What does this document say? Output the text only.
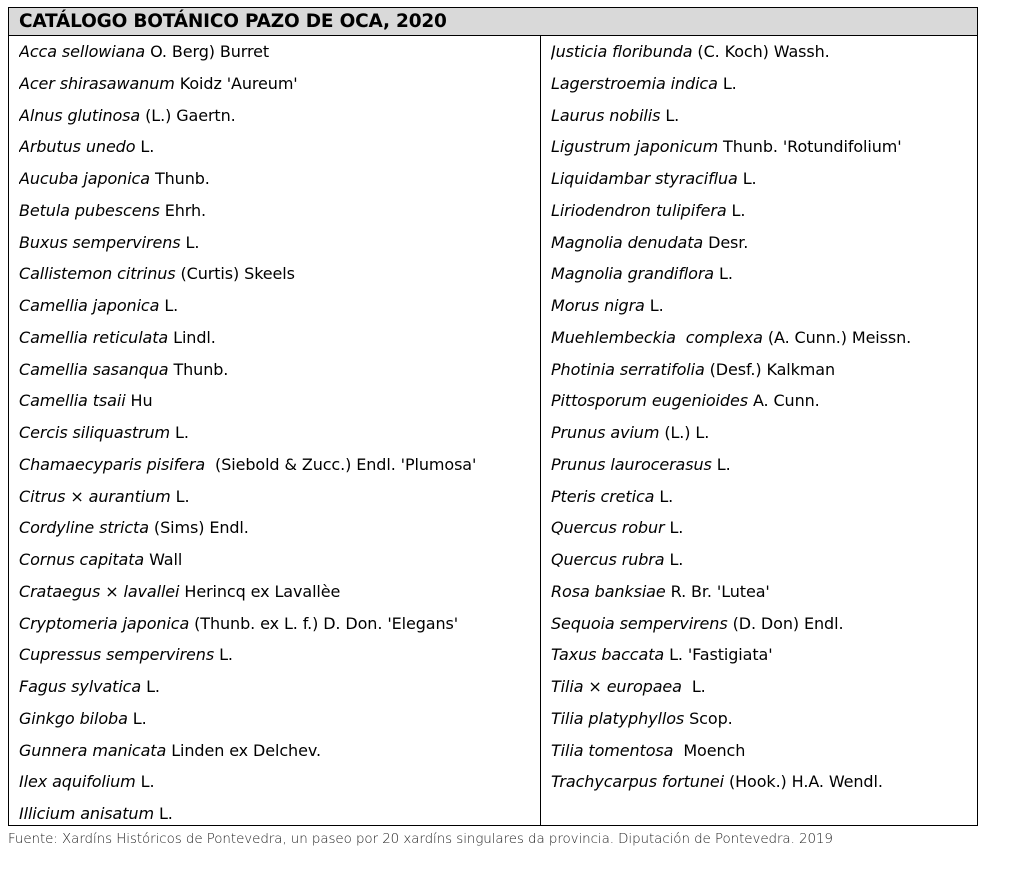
CATÁLOGO BOTÁNICO PAZO DE OCA, 2020
Acca sellowiana O. Berg) Burret
Acer shirasawanum Koidz 'Aureum'
Alnus glutinosa (L.) Gaertn.
Arbutus unedo L.
Aucuba japonica Thunb.
Betula pubescens Ehrh.
Buxus sempervirens L.
Callistemon citrinus (Curtis) Skeels
Camellia japonica L.
Camellia reticulata Lindl.
Camellia sasanqua Thunb.
Camellia tsaii Hu
Cercis siliquastrum L.
Chamaecyparis pisifera  (Siebold & Zucc.) Endl. 'Plumosa'
Citrus × aurantium L.
Cordyline stricta (Sims) Endl.
Cornus capitata Wall
Crataegus × lavallei Herincq ex Lavallèe
Cryptomeria japonica (Thunb. ex L. f.) D. Don. 'Elegans'
Cupressus sempervirens L.
Fagus sylvatica L.
Ginkgo biloba L.
Gunnera manicata Linden ex Delchev.
Ilex aquifolium L.
Illicium anisatum L.
Justicia floribunda (C. Koch) Wassh.
Lagerstroemia indica L.
Laurus nobilis L.
Ligustrum japonicum Thunb. 'Rotundifolium'
Liquidambar styraciflua L.
Liriodendron tulipifera L.
Magnolia denudata Desr.
Magnolia grandiflora L.
Morus nigra L.
Muehlembeckia  complexa (A. Cunn.) Meissn.
Photinia serratifolia (Desf.) Kalkman
Pittosporum eugenioides A. Cunn.
Prunus avium (L.) L.
Prunus laurocerasus L.
Pteris cretica L.
Quercus robur L.
Quercus rubra L.
Rosa banksiae R. Br. 'Lutea'
Sequoia sempervirens (D. Don) Endl.
Taxus baccata L. 'Fastigiata'
Tilia × europaea  L.
Tilia platyphyllos Scop.
Tilia tomentosa  Moench
Trachycarpus fortunei (Hook.) H.A. Wendl.
Fuente: Xardíns Históricos de Pontevedra, un paseo por 20 xardíns singulares da provincia. Diputación de Pontevedra. 2019
